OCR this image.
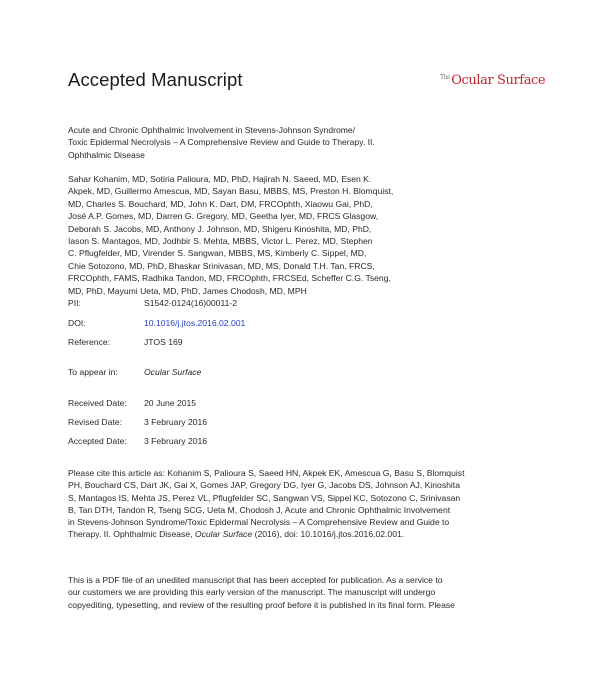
Accepted Manuscript	$^{The}$Ocular Surface
Acute and Chronic Ophthalmic Involvement in Stevens-Johnson Syndrome/
Toxic Epidermal Necrolysis – A Comprehensive Review and Guide to Therapy. II.
Ophthalmic Disease
Sahar Kohanim, MD, Sotiria Palioura, MD, PhD, Hajirah N. Saeed, MD, Esen K.
Akpek, MD, Guillermo Amescua, MD, Sayan Basu, MBBS, MS, Preston H. Blomquist,
MD, Charles S. Bouchard, MD, John K. Dart, DM, FRCOphth, Xiaowu Gai, PhD,
José A.P. Gomes, MD, Darren G. Gregory, MD, Geetha Iyer, MD, FRCS Glasgow,
Deborah S. Jacobs, MD, Anthony J. Johnson, MD, Shigeru Kinoshita, MD, PhD,
Iason S. Mantagos, MD, Jodhbir S. Mehta, MBBS, Victor L. Perez, MD, Stephen
C. Pflugfelder, MD, Virender S. Sangwan, MBBS, MS, Kimberly C. Sippel, MD,
Chie Sotozono, MD, PhD, Bhaskar Srinivasan, MD, MS, Donald T.H. Tan, FRCS,
FRCOphth, FAMS, Radhika Tandon, MD, FRCOphth, FRCSEd, Scheffer C.G. Tseng,
MD, PhD, Mayumi Ueta, MD, PhD, James Chodosh, MD, MPH
PII:	S1542-0124(16)00011-2
DOI:	10.1016/j.jtos.2016.02.001
Reference:	JTOS 169
To appear in:	Ocular Surface
Received Date: 20 June 2015
Revised Date:	3 February 2016
Accepted Date: 3 February 2016
Please cite this article as: Kohanim S, Palioura S, Saeed HN, Akpek EK, Amescua G, Basu S, Blomquist
PH, Bouchard CS, Dart JK, Gai X, Gomes JAP, Gregory DG, Iyer G, Jacobs DS, Johnson AJ, Kinoshita
S, Mantagos IS, Mehta JS, Perez VL, Pflugfelder SC, Sangwan VS, Sippel KC, Sotozono C, Srinivasan
B, Tan DTH, Tandon R, Tseng SCG, Ueta M, Chodosh J, Acute and Chronic Ophthalmic Involvement
in Stevens-Johnson Syndrome/Toxic Epidermal Necrolysis – A Comprehensive Review and Guide to
Therapy. II. Ophthalmic Disease, Ocular Surface (2016), doi: 10.1016/j.jtos.2016.02.001.
This is a PDF file of an unedited manuscript that has been accepted for publication. As a service to
our customers we are providing this early version of the manuscript. The manuscript will undergo
copyediting, typesetting, and review of the resulting proof before it is published in its final form. Please
